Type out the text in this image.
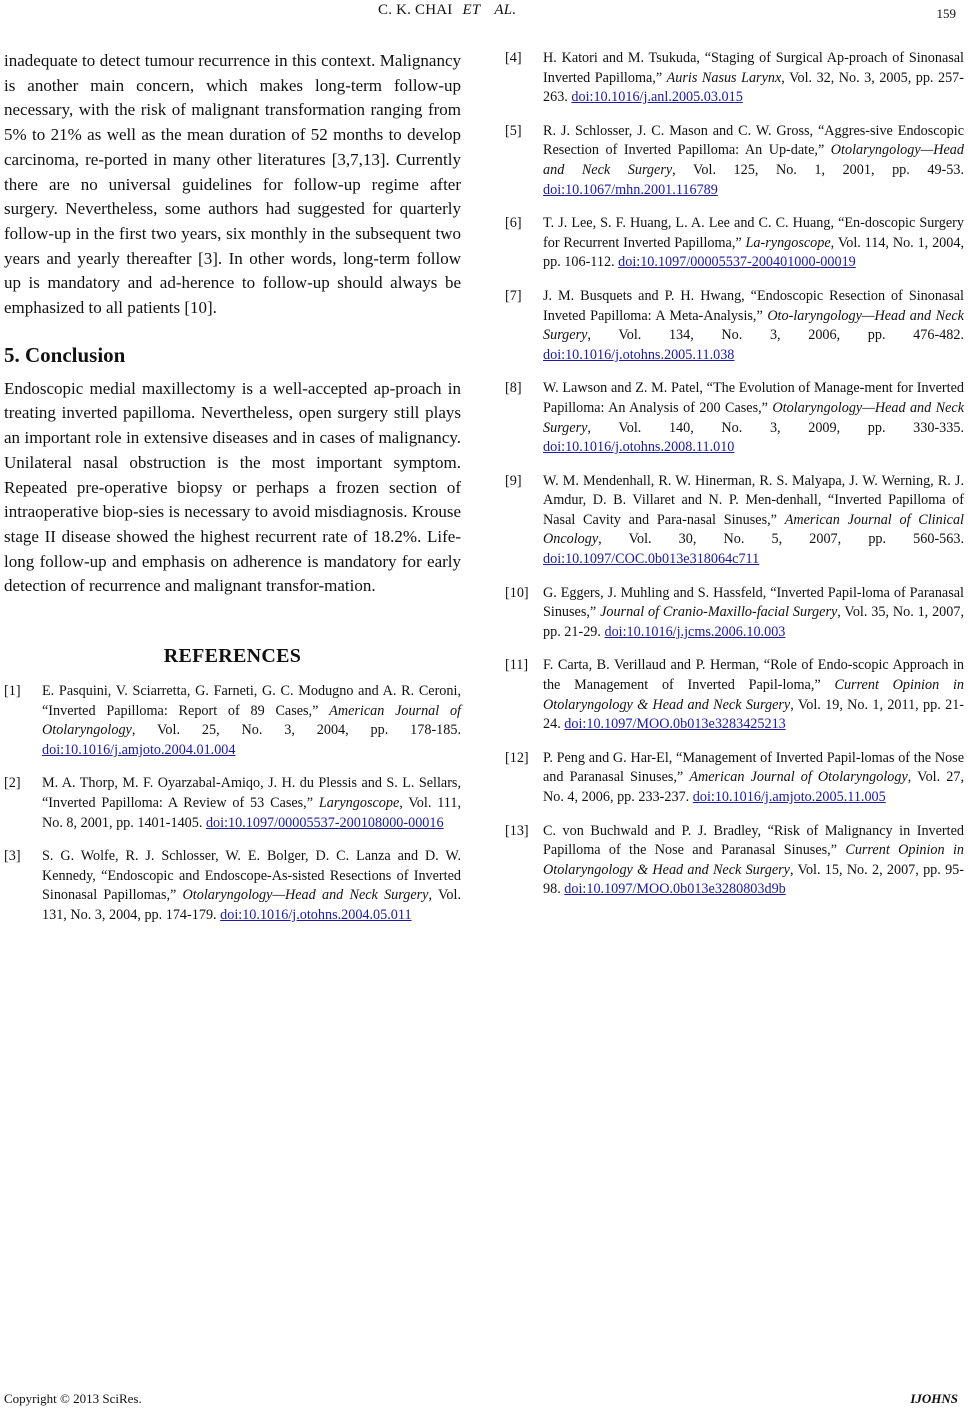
C. K. CHAI ET AL.	159

inadequate to detect tumour recurrence in this context. Malignancy is another main concern, which makes long-term follow-up necessary, with the risk of malignant transformation ranging from 5% to 21% as well as the mean duration of 52 months to develop carcinoma, re-ported in many other literatures [3,7,13]. Currently there are no universal guidelines for follow-up regime after surgery. Nevertheless, some authors had suggested for quarterly follow-up in the first two years, six monthly in the subsequent two years and yearly thereafter [3]. In other words, long-term follow up is mandatory and ad-herence to follow-up should always be emphasized to all patients [10].

5. Conclusion

Endoscopic medial maxillectomy is a well-accepted ap-proach in treating inverted papilloma. Nevertheless, open surgery still plays an important role in extensive diseases and in cases of malignancy. Unilateral nasal obstruction is the most important symptom. Repeated pre-operative biopsy or perhaps a frozen section of intraoperative biop-sies is necessary to avoid misdiagnosis. Krouse stage II disease showed the highest recurrent rate of 18.2%. Life-long follow-up and emphasis on adherence is mandatory for early detection of recurrence and malignant transfor-mation.

REFERENCES
[1]	E. Pasquini, V. Sciarretta, G. Farneti, G. C. Modugno and A. R. Ceroni, “Inverted Papilloma: Report of 89 Cases,” American Journal of Otolaryngology, Vol. 25, No. 3, 2004, pp. 178-185. doi:10.1016/j.amjoto.2004.01.004
[2]	M. A. Thorp, M. F. Oyarzabal-Amiqo, J. H. du Plessis and S. L. Sellars, “Inverted Papilloma: A Review of 53 Cases,” Laryngoscope, Vol. 111, No. 8, 2001, pp. 1401-1405. doi:10.1097/00005537-200108000-00016
[3]	S. G. Wolfe, R. J. Schlosser, W. E. Bolger, D. C. Lanza and D. W. Kennedy, “Endoscopic and Endoscope-As-sisted Resections of Inverted Sinonasal Papillomas,” Otolaryngology—Head and Neck Surgery, Vol. 131, No. 3, 2004, pp. 174-179. doi:10.1016/j.otohns.2004.05.011
[4]	H. Katori and M. Tsukuda, “Staging of Surgical Ap-proach of Sinonasal Inverted Papilloma,” Auris Nasus Larynx, Vol. 32, No. 3, 2005, pp. 257-263. doi:10.1016/j.anl.2005.03.015
[5]	R. J. Schlosser, J. C. Mason and C. W. Gross, “Aggres-sive Endoscopic Resection of Inverted Papilloma: An Up-date,” Otolaryngology—Head and Neck Surgery, Vol. 125, No. 1, 2001, pp. 49-53. doi:10.1067/mhn.2001.116789
[6]	T. J. Lee, S. F. Huang, L. A. Lee and C. C. Huang, “En-doscopic Surgery for Recurrent Inverted Papilloma,” La-ryngoscope, Vol. 114, No. 1, 2004, pp. 106-112. doi:10.1097/00005537-200401000-00019
[7]	J. M. Busquets and P. H. Hwang, “Endoscopic Resection of Sinonasal Inveted Papilloma: A Meta-Analysis,” Oto-laryngology—Head and Neck Surgery, Vol. 134, No. 3, 2006, pp. 476-482. doi:10.1016/j.otohns.2005.11.038
[8]	W. Lawson and Z. M. Patel, “The Evolution of Manage-ment for Inverted Papilloma: An Analysis of 200 Cases,” Otolaryngology—Head and Neck Surgery, Vol. 140, No. 3, 2009, pp. 330-335. doi:10.1016/j.otohns.2008.11.010
[9]	W. M. Mendenhall, R. W. Hinerman, R. S. Malyapa, J. W. Werning, R. J. Amdur, D. B. Villaret and N. P. Men-denhall, “Inverted Papilloma of Nasal Cavity and Para-nasal Sinuses,” American Journal of Clinical Oncology, Vol. 30, No. 5, 2007, pp. 560-563. doi:10.1097/COC.0b013e318064c711
[10]	G. Eggers, J. Muhling and S. Hassfeld, “Inverted Papil-loma of Paranasal Sinuses,” Journal of Cranio-Maxillo-facial Surgery, Vol. 35, No. 1, 2007, pp. 21-29. doi:10.1016/j.jcms.2006.10.003
[11]	F. Carta, B. Verillaud and P. Herman, “Role of Endo-scopic Approach in the Management of Inverted Papil-loma,” Current Opinion in Otolaryngology & Head and Neck Surgery, Vol. 19, No. 1, 2011, pp. 21-24. doi:10.1097/MOO.0b013e3283425213
[12]	P. Peng and G. Har-El, “Management of Inverted Papil-lomas of the Nose and Paranasal Sinuses,” American Journal of Otolaryngology, Vol. 27, No. 4, 2006, pp. 233-237. doi:10.1016/j.amjoto.2005.11.005
[13]	C. von Buchwald and P. J. Bradley, “Risk of Malignancy in Inverted Papilloma of the Nose and Paranasal Sinuses,” Current Opinion in Otolaryngology & Head and Neck Surgery, Vol. 15, No. 2, 2007, pp. 95-98. doi:10.1097/MOO.0b013e3280803d9b
Copyright © 2013 SciRes.	IJOHNS
